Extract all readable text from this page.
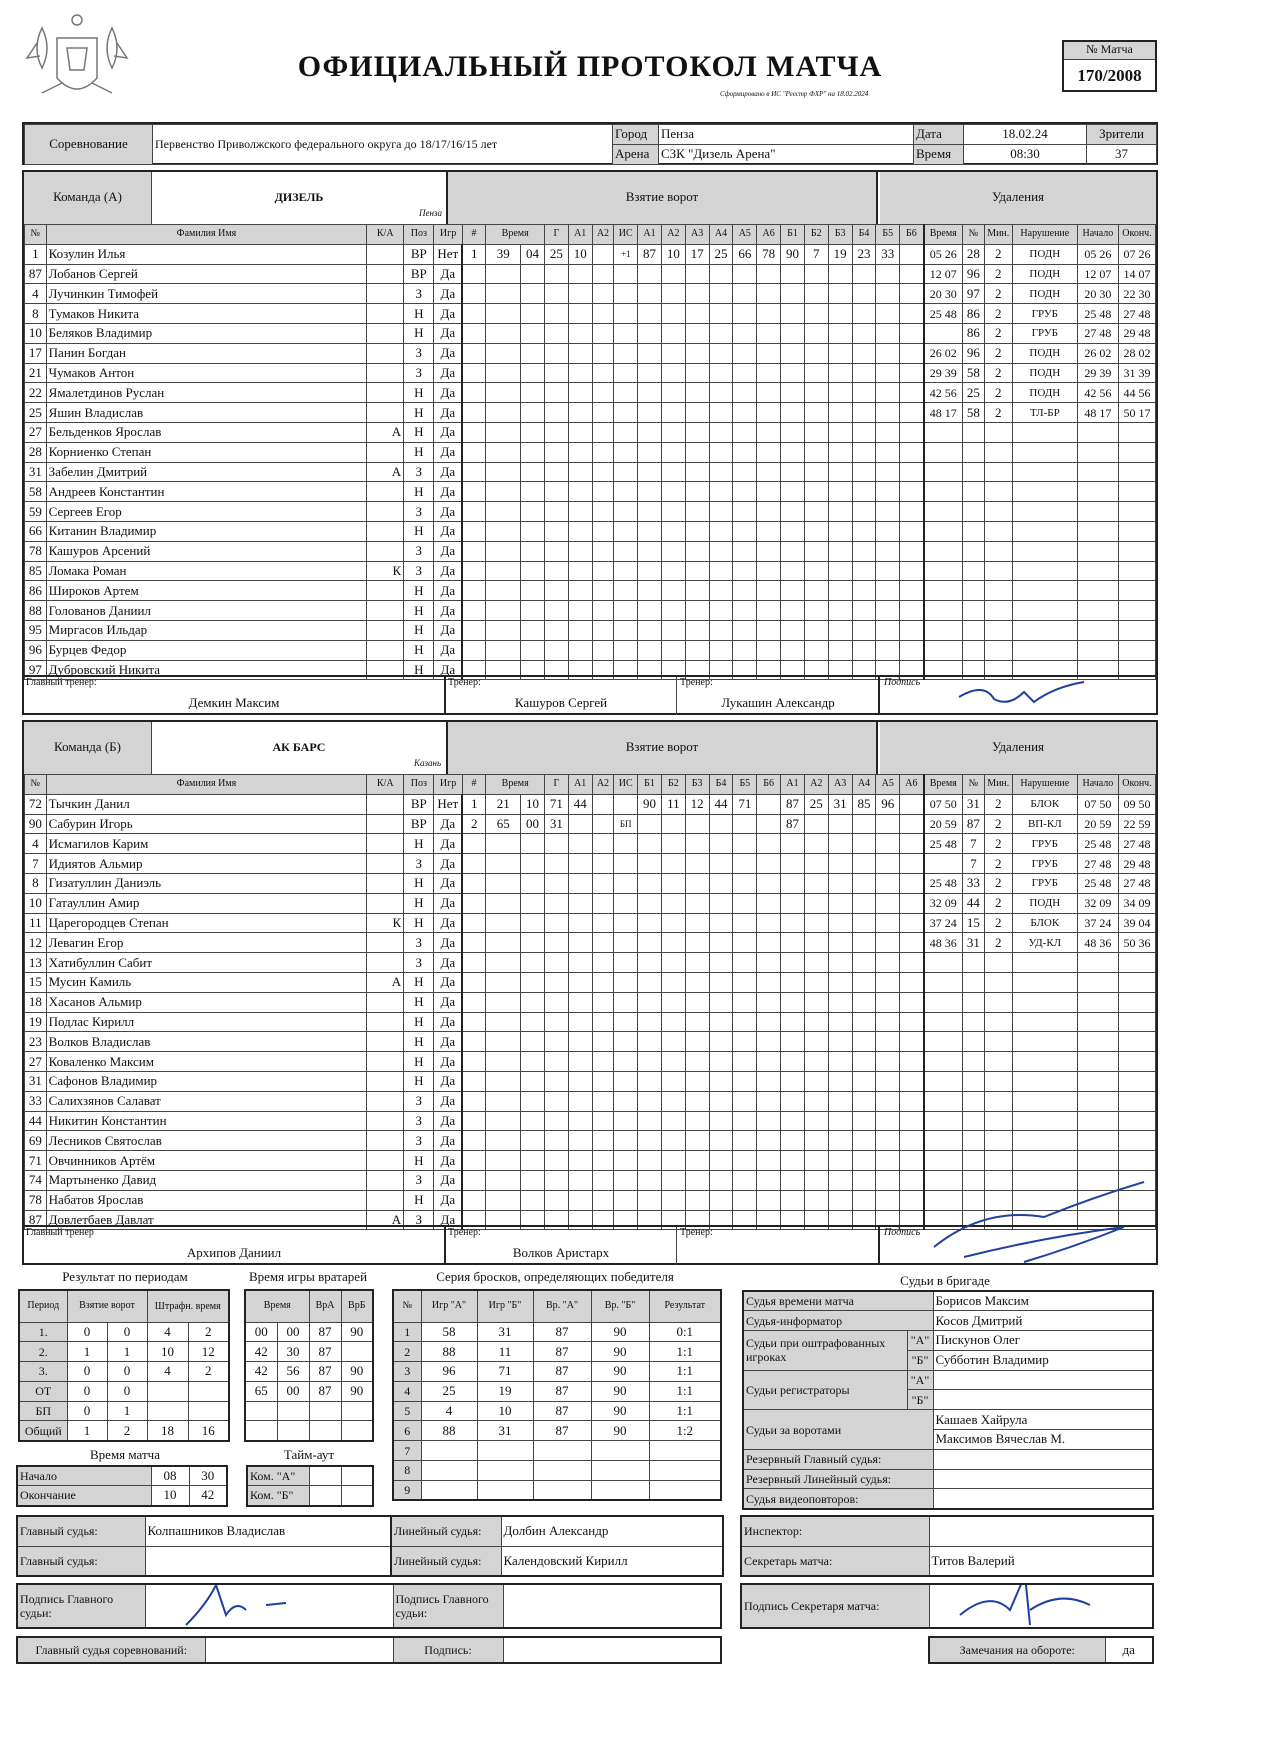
ОФИЦИАЛЬНЫЙ ПРОТОКОЛ МАТЧА
Сформировано в ИС "Реестр ФХР" на 18.02.2024
№ Матча
170/2008
Соревнование	Первенство Приволжского федерального округа до 18/17/16/15 лет	Город	Пенза	Дата	18.02.24	Зрители
		Арена	СЗК "Дизель Арена"	Время	08:30	37
Команда (А)	ДИЗЕЛЬ
Пенза
Взятие ворот	Удаления
№	Фамилия Имя	К/А	Поз	Игр	#	Время		Г	А1	А2	ИС	А1	А2	А3	А4	А5	А6	Б1	Б2	Б3	Б4	Б5	Б6	Время	№	Мин.	Нарушение	Начало	Оконч.
1	Козулин Илья		ВР	Нет	1	39	04	25	10		+1	87	10	17	25	66	78	90	7	19	23	33		05 26	28	2	ПОДН	05 26	07 26
87	Лобанов Сергей		ВР	Да																				12 07	96	2	ПОДН	12 07	14 07
4	Лучинкин Тимофей		З	Да																				20 30	97	2	ПОДН	20 30	22 30
8	Тумаков Никита		Н	Да																				25 48	86	2	ГРУБ	25 48	27 48
10	Беляков Владимир		Н	Да																					86	2	ГРУБ	27 48	29 48
17	Панин Богдан		З	Да																				26 02	96	2	ПОДН	26 02	28 02
21	Чумаков Антон		З	Да																				29 39	58	2	ПОДН	29 39	31 39
22	Ямалетдинов Руслан		Н	Да																				42 56	25	2	ПОДН	42 56	44 56
25	Яшин Владислав		Н	Да																				48 17	58	2	ТЛ-БР	48 17	50 17
27	Бельденков Ярослав	А	Н	Да																									
28	Корниенко Степан		Н	Да																									
31	Забелин Дмитрий	А	З	Да																									
58	Андреев Константин		Н	Да																									
59	Сергеев Егор		З	Да																									
66	Китанин Владимир		Н	Да																									
78	Кашуров Арсений		З	Да																									
85	Ломака Роман	К	З	Да																									
86	Широков Артем		Н	Да																									
88	Голованов Даниил		Н	Да																									
95	Миргасов Ильдар		Н	Да																									
96	Бурцев Федор		Н	Да																									
97	Дубровский Никита		Н	Да																									
Главный тренер:
Демкин Максим
Тренер:
Кашуров Сергей
Тренер:
Лукашин Александр
Подпись
Команда (Б)	АК БАРС
Казань
Взятие ворот	Удаления
№	Фамилия Имя	К/А	Поз	Игр	#	Время		Г	А1	А2	ИС	Б1	Б2	Б3	Б4	Б5	Б6	А1	А2	А3	А4	А5	А6	Время	№	Мин.	Нарушение	Начало	Оконч.
72	Тычкин Данил		ВР	Нет	1	21	10	71	44			90	11	12	44	71		87	25	31	85	96		07 50	31	2	БЛОК	07 50	09 50
90	Сабурин Игорь		ВР	Да	2	65	00	31			БП							87						20 59	87	2	ВП-КЛ	20 59	22 59
4	Исмагилов Карим		Н	Да																				25 48	7	2	ГРУБ	25 48	27 48
7	Идиятов Альмир		З	Да																					7	2	ГРУБ	27 48	29 48
8	Гизатуллин Даниэль		Н	Да																				25 48	33	2	ГРУБ	25 48	27 48
10	Гатауллин Амир		Н	Да																				32 09	44	2	ПОДН	32 09	34 09
11	Царегородцев Степан	К	Н	Да																				37 24	15	2	БЛОК	37 24	39 04
12	Левагин Егор		З	Да																				48 36	31	2	УД-КЛ	48 36	50 36
13	Хатибуллин Сабит		З	Да																									
15	Мусин Камиль	А	Н	Да																									
18	Хасанов Альмир		Н	Да																									
19	Подлас Кирилл		Н	Да																									
23	Волков Владислав		Н	Да																									
27	Коваленко Максим		Н	Да																									
31	Сафонов Владимир		Н	Да																									
33	Салихзянов Салават		З	Да																									
44	Никитин Константин		З	Да																									
69	Лесников Святослав		З	Да																									
71	Овчинников Артём		Н	Да																									
74	Мартыненко Давид		З	Да																									
78	Набатов Ярослав		Н	Да																									
87	Довлетбаев Давлат	А	З	Да																									
Главный тренер
Архипов Даниил
Тренер:
Волков Аристарх
Тренер:	Подпись
Результат по периодам
Период	Взятие ворот		Штрафн. время	
1.	0	0	4	2
2.	1	1	10	12
3.	0	0	4	2
ОТ	0	0		
БП	0	1		
Общий	1	2	18	16
Время игры вратарей
Время		ВрА	ВрБ
00	00	87	90
42	30	87	
42	56	87	90
65	00	87	90

Серия бросков, определяющих победителя
№	Игр "А"	Игр "Б"	Вр. "А"	Вр. "Б"	Результат
1	58	31	87	90	0:1
2	88	11	87	90	1:1
3	96	71	87	90	1:1
4	25	19	87	90	1:1
5	4	10	87	90	1:1
6	88	31	87	90	1:2
7					
8					
9					
Время матча
Начало	08	30
Окончание	10	42
Тайм-аут
Ком. "А"		
Ком. "Б"		
Судьи в бригаде
Судья времени матча		Борисов Максим
Судья-информатор		Косов Дмитрий
Судьи при оштрафованных игроках	"А"	Пискунов Олег
	"Б"	Субботин Владимир
Судьи регистраторы	"А"	
	"Б"	
Судьи за воротами		Кашаев Хайрула
		Максимов Вячеслав М.
Резервный Главный судья:		
Резервный Линейный судья:		
Судья видеоповторов:		
Главный судья:	Колпашников Владислав
Главный судья:	
Линейный судья:	Долбин Александр
Линейный судья:	Календовский Кирилл
Инспектор:	
Секретарь матча:	Титов Валерий
Подпись Главного судьи:	
	Подпись Главного судьи:		Подпись Секретаря матча:	
Главный судья соревнований:		Подпись:		Замечания на обороте:	да
